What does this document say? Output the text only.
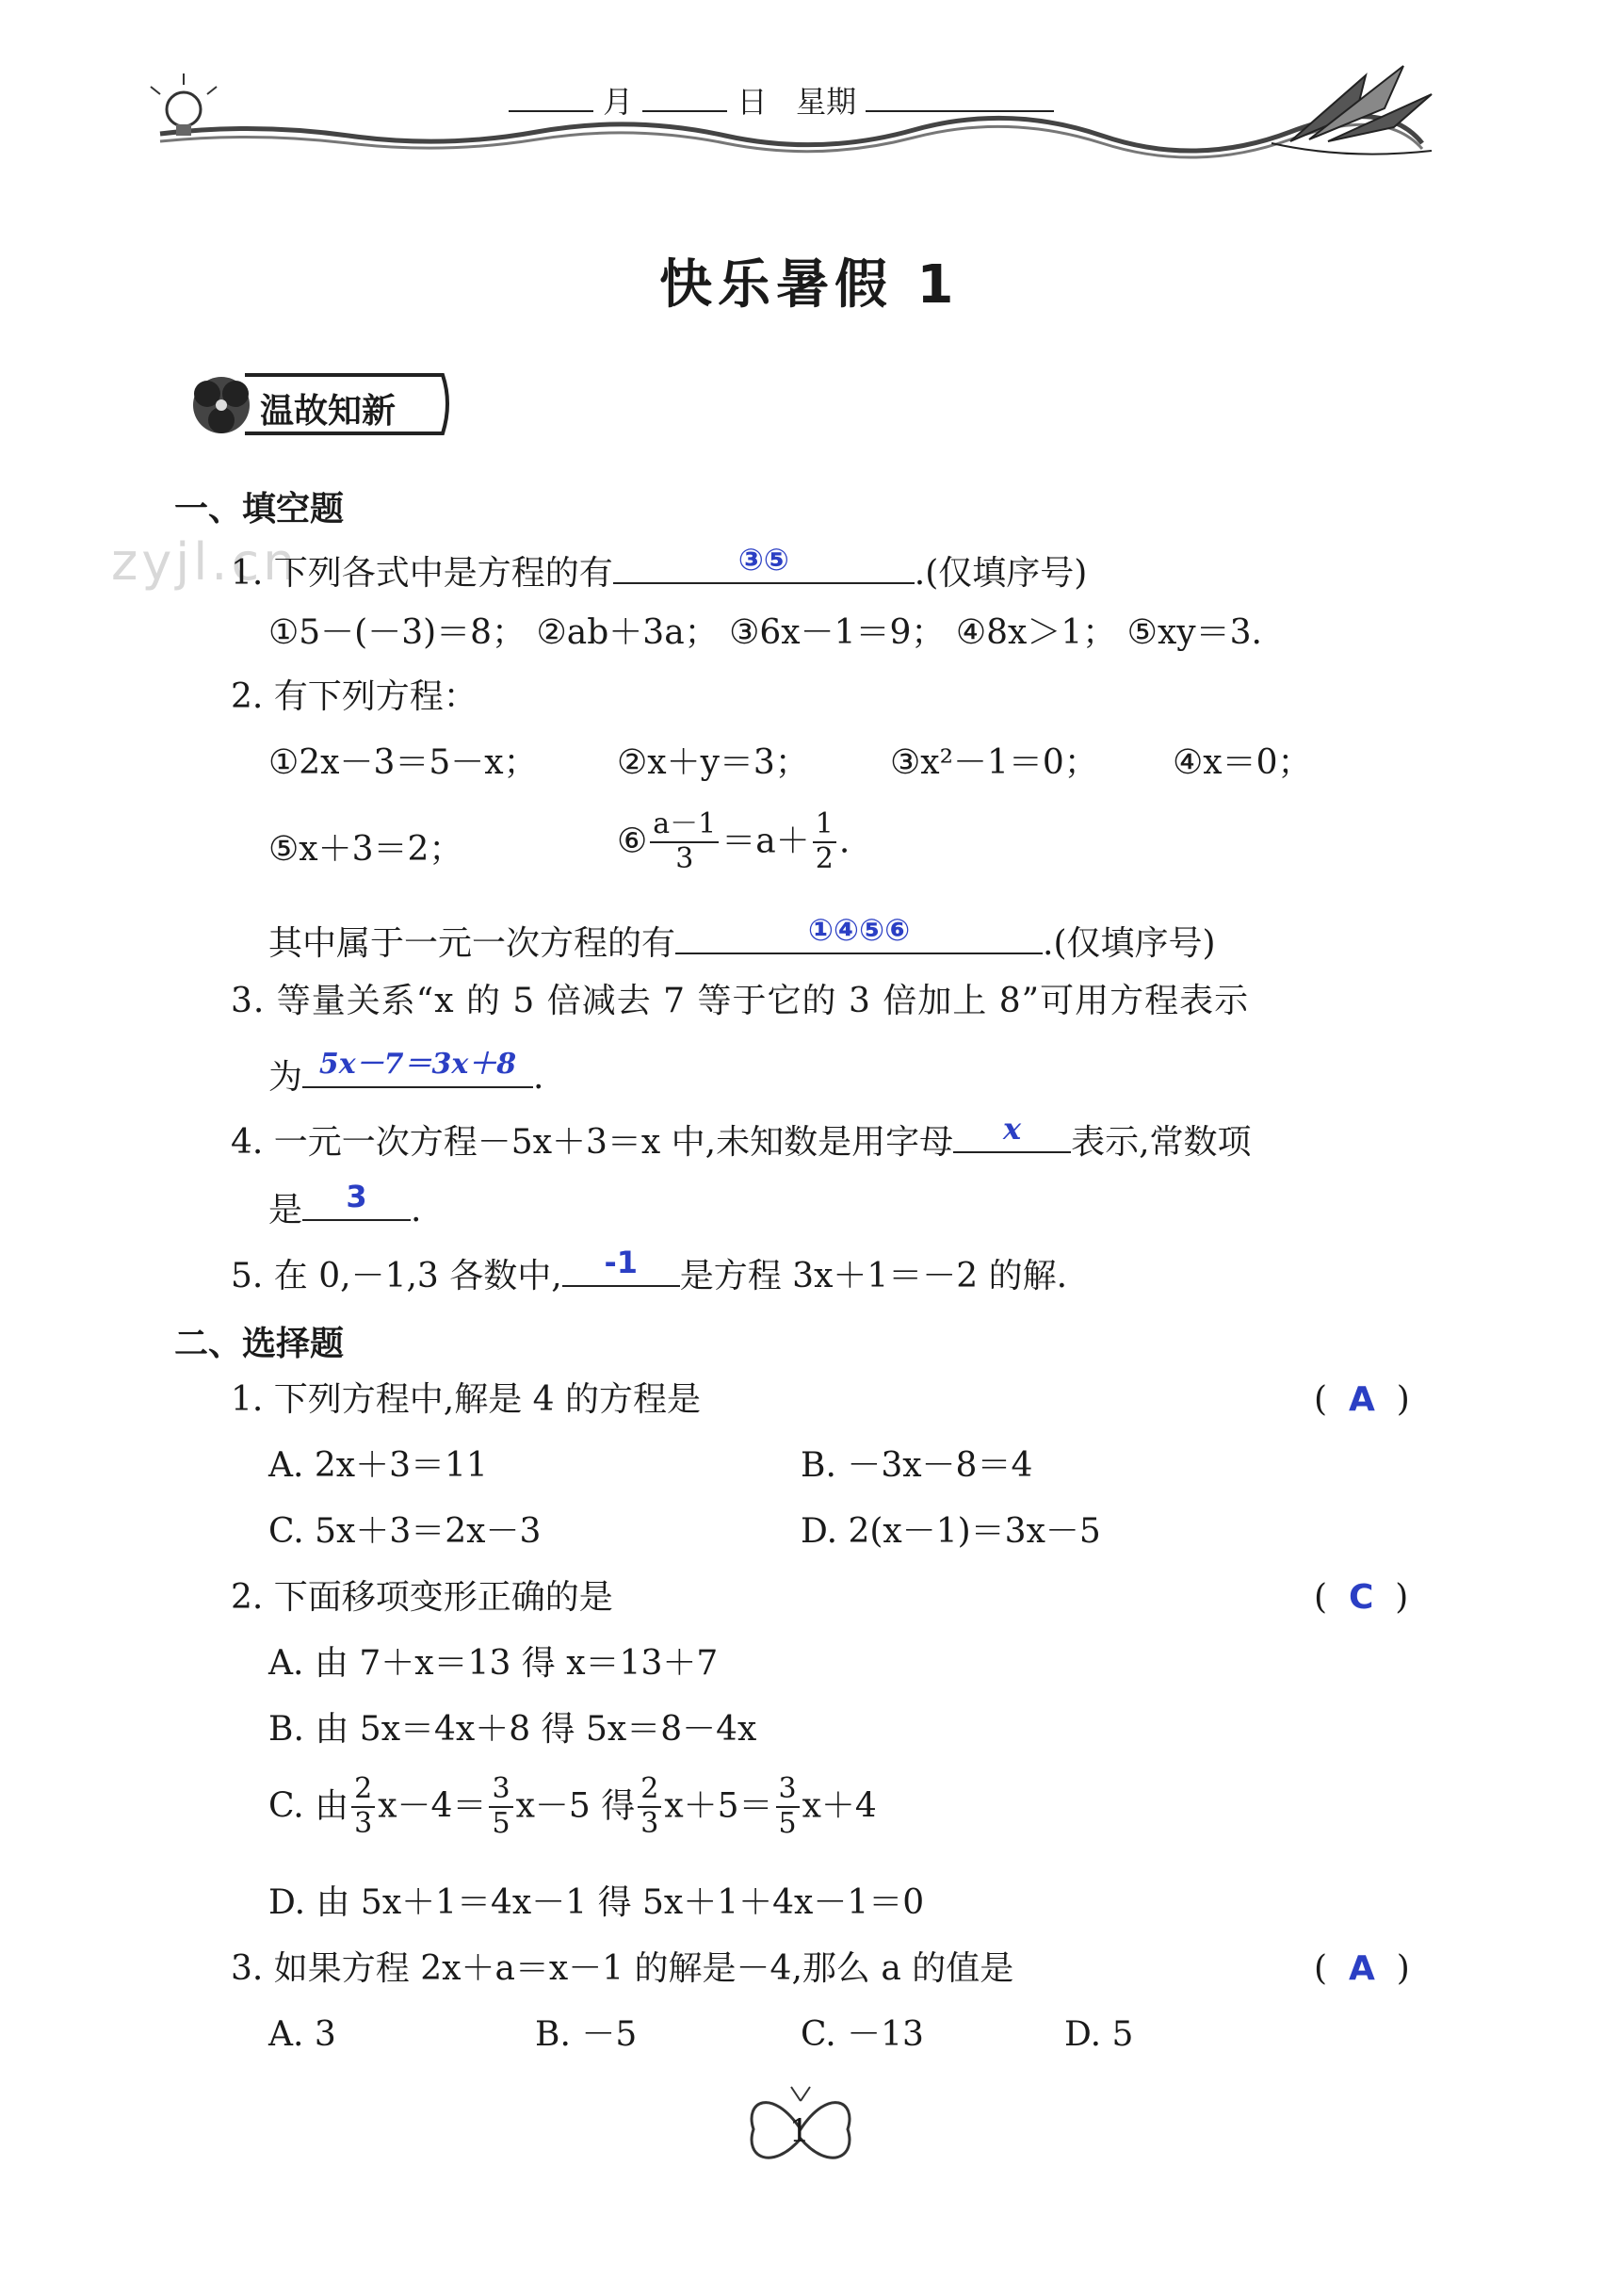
月	日 星期
快乐暑假 1
温故知新
zyjl.cn
一、填空题
1. 下列各式中是方程的有	③⑤	.(仅填序号)
①5－(－3)＝8； ②ab＋3a； ③6x－1＝9； ④8x＞1； ⑤xy＝3.
2. 有下列方程：
①2x－3＝5－x； ②x＋y＝3； ③x²－1＝0； ④x＝0；
⑤x＋3＝2；	⑥ $\frac{a-1}{3} =a+ \frac{1}{2}$ .
其中属于一元一次方程的有	①④⑤⑥	.(仅填序号)
3. 等量关系“x 的 5 倍减去 7 等于它的 3 倍加上 8”可用方程表示
为 5x－7＝3x＋8 .
4. 一元一次方程－5x＋3＝x 中,未知数是用字母	x	表示,常数项
是	3	.
5. 在 0,－1,3 各数中,	-1	是方程 3x＋1＝－2 的解.
二、选择题
1. 下列方程中,解是 4 的方程是	( A )
A. 2x＋3＝11	B. －3x－8＝4
C. 5x＋3＝2x－3	D. 2(x－1)＝3x－5
2. 下面移项变形正确的是	( C )
A. 由 7＋x＝13 得 x＝13＋7
B. 由 5x＝4x＋8 得 5x＝8－4x
C. 由 $\frac{2}{3} x-4= \frac{3}{5} x-5$ 得 $\frac{2}{3} x+5= \frac{3}{5} x+4$
D. 由 5x＋1＝4x－1 得 5x＋1＋4x－1＝0
3. 如果方程 2x＋a＝x－1 的解是－4,那么 a 的值是	( A )
A. 3	B. －5	C. －13	D. 5
1
